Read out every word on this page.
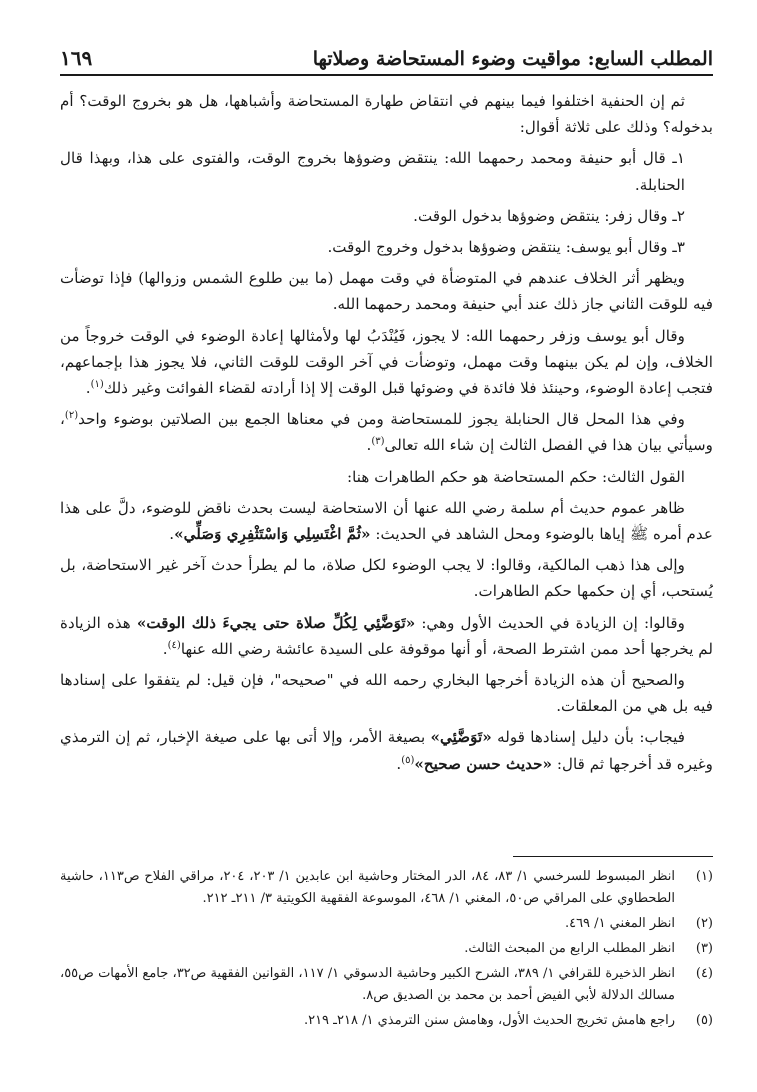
المطلب السابع: مواقيت وضوء المستحاضة وصلاتها
١٦٩

ثم إن الحنفية اختلفوا فيما بينهم في انتقاض طهارة المستحاضة وأشباهها، هل هو بخروج الوقت؟ أم بدخوله؟ وذلك على ثلاثة أقوال:

١ـ قال أبو حنيفة ومحمد رحمهما الله: ينتقض وضوؤها بخروج الوقت، والفتوى على هذا، وبهذا قال الحنابلة.

٢ـ وقال زفر: ينتقض وضوؤها بدخول الوقت.

٣ـ وقال أبو يوسف: ينتقض وضوؤها بدخول وخروج الوقت.

ويظهر أثر الخلاف عندهم في المتوضأة في وقت مهمل (ما بين طلوع الشمس وزوالها) فإذا توضأت فيه للوقت الثاني جاز ذلك عند أبي حنيفة ومحمد رحمهما الله.

وقال أبو يوسف وزفر رحمهما الله: لا يجوز، فَيُنْدَبُ لها ولأمثالها إعادة الوضوء في الوقت خروجاً من الخلاف، وإن لم يكن بينهما وقت مهمل، وتوضأت في آخر الوقت للوقت الثاني، فلا يجوز هذا بإجماعهم، فتجب إعادة الوضوء، وحينئذ فلا فائدة في وضوئها قبل الوقت إلا إذا أرادته لقضاء الفوائت وغير ذلك$^{(١)}$.

وفي هذا المحل قال الحنابلة يجوز للمستحاضة ومن في معناها الجمع بين الصلاتين بوضوء واحد$^{(٢)}$، وسيأتي بيان هذا في الفصل الثالث إن شاء الله تعالى$^{(٣)}$.

القول الثالث: حكم المستحاضة هو حكم الطاهرات هنا:

ظاهر عموم حديث أم سلمة رضي الله عنها أن الاستحاضة ليست بحدث ناقض للوضوء، دلَّ على هذا عدم أمره ﷺ إياها بالوضوء ومحل الشاهد في الحديث: «ثُمَّ اغْتَسِلِي وَاسْتَثْفِرِي وَصَلِّي».

وإلى هذا ذهب المالكية، وقالوا: لا يجب الوضوء لكل صلاة، ما لم يطرأ حدث آخر غير الاستحاضة، بل يُستحب، أي إن حكمها حكم الطاهرات.

وقالوا: إن الزيادة في الحديث الأول وهي: «تَوَضَّئِي لِكُلِّ صلاة حتى يجيءَ ذلك الوقت» هذه الزيادة لم يخرجها أحد ممن اشترط الصحة، أو أنها موقوفة على السيدة عائشة رضي الله عنها$^{(٤)}$.

والصحيح أن هذه الزيادة أخرجها البخاري رحمه الله في "صحيحه"، فإن قيل: لم يتفقوا على إسنادها فيه بل هي من المعلقات.

فيجاب: بأن دليل إسنادها قوله «تَوَضَّئِي» بصيغة الأمر، وإلا أتى بها على صيغة الإخبار، ثم إن الترمذي وغيره قد أخرجها ثم قال: «حديث حسن صحيح»$^{(٥)}$.

(١)
انظر المبسوط للسرخسي ١/ ٨٣، ٨٤، الدر المختار وحاشية ابن عابدين ١/ ٢٠٣، ٢٠٤، مراقي الفلاح ص١١٣، حاشية الطحطاوي على المراقي ص٥٠، المغني ١/ ٤٦٨، الموسوعة الفقهية الكويتية ٣/ ٢١١ـ ٢١٢.
(٢)
انظر المغني ١/ ٤٦٩.
(٣)
انظر المطلب الرابع من المبحث الثالث.
(٤)
انظر الذخيرة للقرافي ١/ ٣٨٩، الشرح الكبير وحاشية الدسوقي ١/ ١١٧، القوانين الفقهية ص٣٢، جامع الأمهات ص٥٥، مسالك الدلالة لأبي الفيض أحمد بن محمد بن الصديق ص٨.
(٥)
راجع هامش تخريج الحديث الأول، وهامش سنن الترمذي ١/ ٢١٨ـ ٢١٩.
